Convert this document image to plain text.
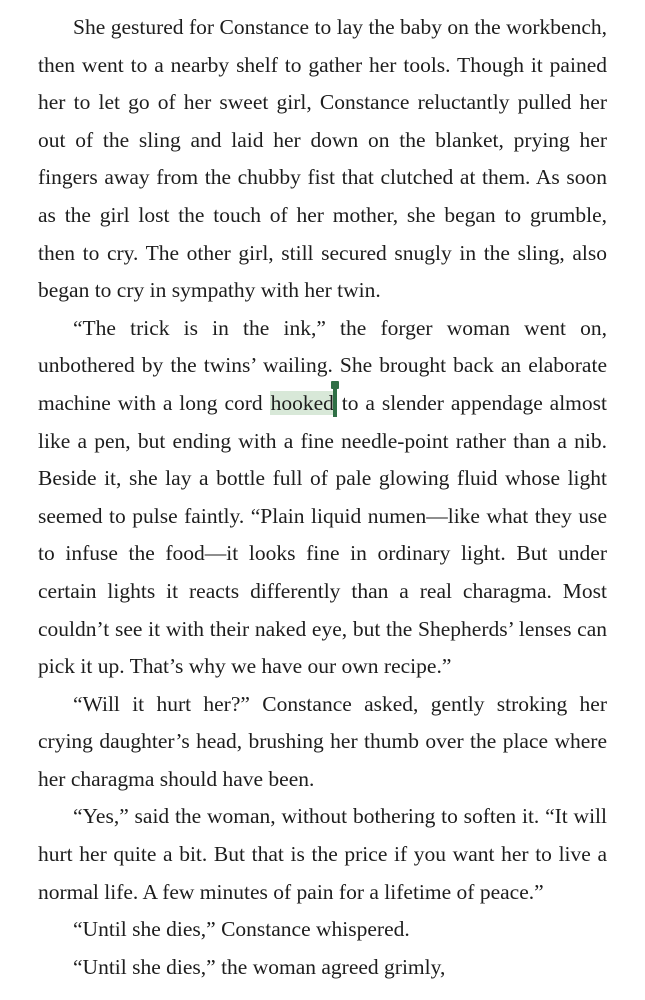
She gestured for Constance to lay the baby on the workbench, then went to a nearby shelf to gather her tools. Though it pained her to let go of her sweet girl, Constance reluctantly pulled her out of the sling and laid her down on the blanket, prying her fingers away from the chubby fist that clutched at them. As soon as the girl lost the touch of her mother, she began to grumble, then to cry. The other girl, still secured snugly in the sling, also began to cry in sympathy with her twin.

“The trick is in the ink,” the forger woman went on, unbothered by the twins’ wailing. She brought back an elaborate machine with a long cord hooked to a slender appendage almost like a pen, but ending with a fine needle-point rather than a nib. Beside it, she lay a bottle full of pale glowing fluid whose light seemed to pulse faintly. “Plain liquid numen—like what they use to infuse the food—it looks fine in ordinary light. But under certain lights it reacts differently than a real charagma. Most couldn’t see it with their naked eye, but the Shepherds’ lenses can pick it up. That’s why we have our own recipe.”

“Will it hurt her?” Constance asked, gently stroking her crying daughter’s head, brushing her thumb over the place where her charagma should have been.

“Yes,” said the woman, without bothering to soften it. “It will hurt her quite a bit. But that is the price if you want her to live a normal life. A few minutes of pain for a lifetime of peace.”

“Until she dies,” Constance whispered.

“Until she dies,” the woman agreed grimly,
